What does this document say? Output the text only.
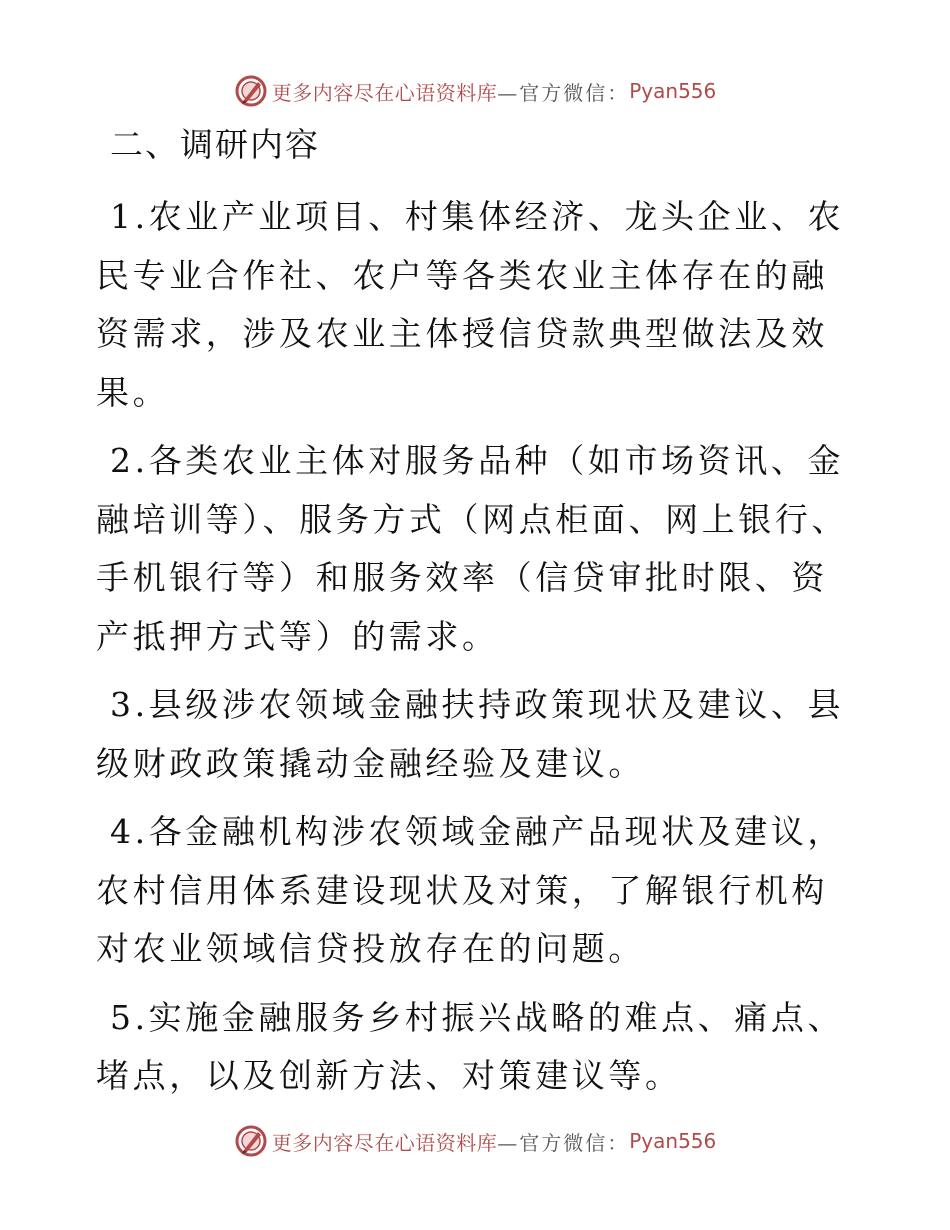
更多内容尽在心语资料库 —官方微信： Pyan556
二、调研内容

1.农业产业项目、村集体经济、龙头企业、农民专业合作社、农户等各类农业主体存在的融资需求，涉及农业主体授信贷款典型做法及效果。

2.各类农业主体对服务品种（如市场资讯、金融培训等）、服务方式（网点柜面、网上银行、手机银行等）和服务效率（信贷审批时限、资产抵押方式等）的需求。

3.县级涉农领域金融扶持政策现状及建议、县级财政政策撬动金融经验及建议。

4.各金融机构涉农领域金融产品现状及建议，农村信用体系建设现状及对策，了解银行机构对农业领域信贷投放存在的问题。

5.实施金融服务乡村振兴战略的难点、痛点、堵点，以及创新方法、对策建议等。

更多内容尽在心语资料库 —官方微信： Pyan556
